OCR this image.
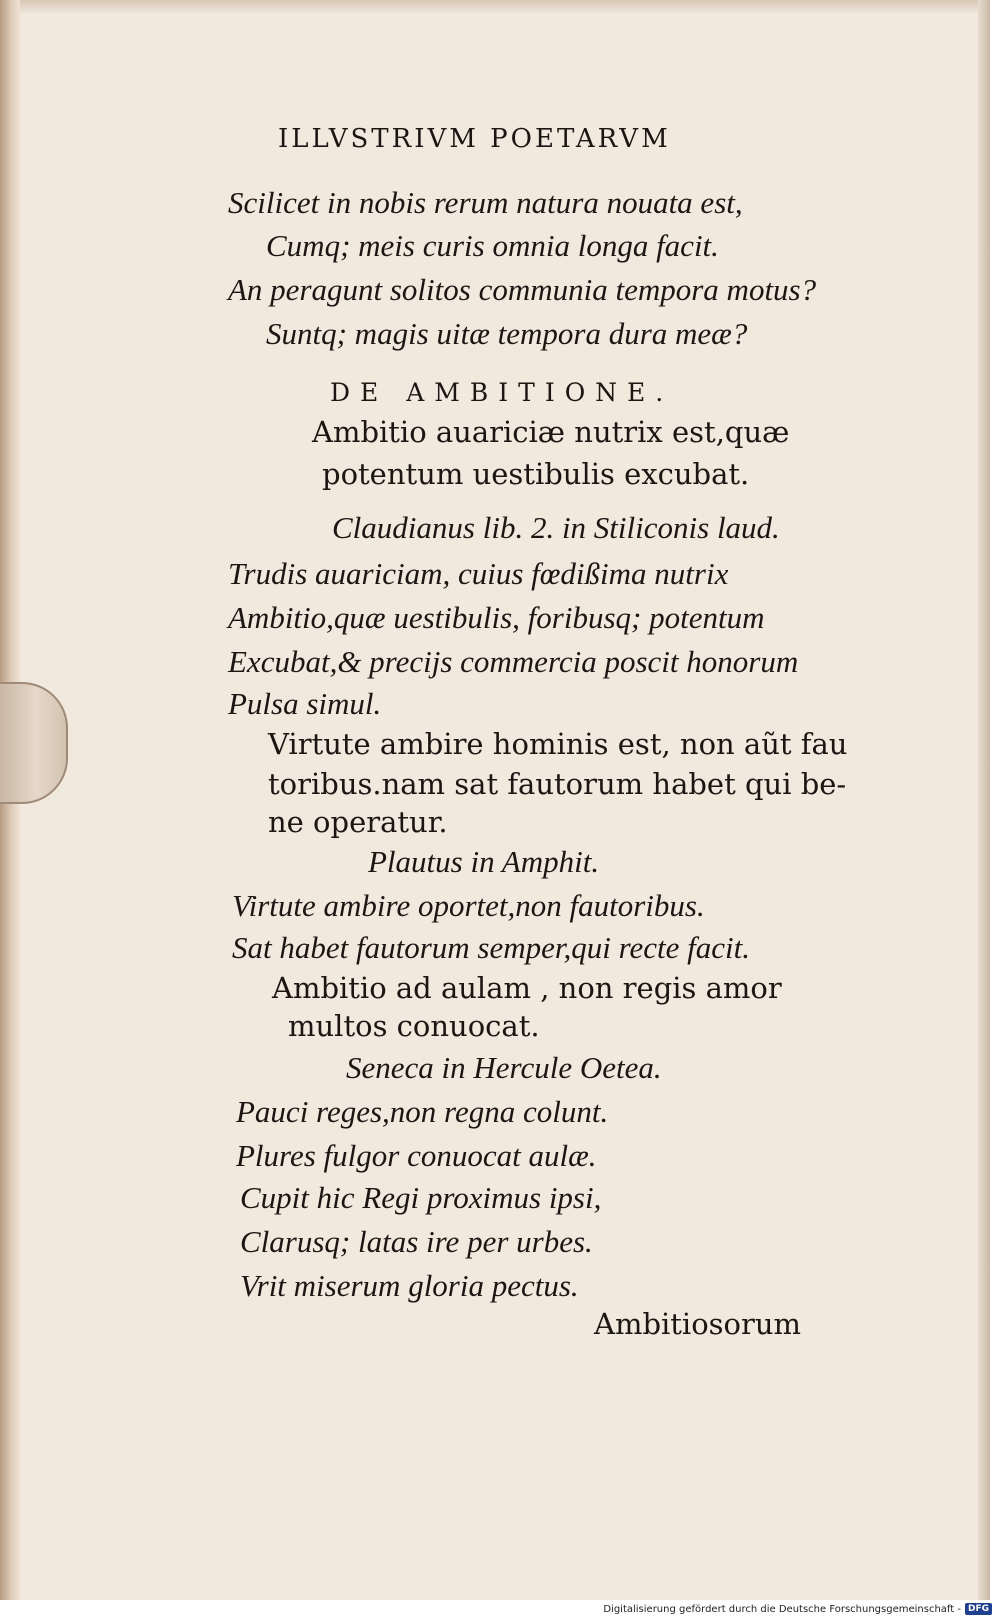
ILLVSTRIVM POETARVM
Scilicet in nobis rerum natura nouata est,
Cumq; meis curis omnia longa facit.
An peragunt solitos communia tempora motus?
Suntq; magis uitæ tempora dura meæ?
DE AMBITIONE.
Ambitio auariciæ nutrix est,quæ
potentum uestibulis excubat.
Claudianus lib. 2. in Stiliconis laud.
Trudis auariciam, cuius fœdißima nutrix
Ambitio,quæ uestibulis, foribusq; potentum
Excubat,& precijs commercia poscit honorum
Pulsa simul.
Virtute ambire hominis est, non aũt fau
toribus.nam sat fautorum habet qui be-
ne operatur.
Plautus in Amphit.
Virtute ambire oportet,non fautoribus.
Sat habet fautorum semper,qui recte facit.
Ambitio ad aulam , non regis amor
multos conuocat.
Seneca in Hercule Oetea.
Pauci reges,non regna colunt.
Plures fulgor conuocat aulæ.
Cupit hic Regi proximus ipsi,
Clarusq; latas ire per urbes.
Vrit miserum gloria pectus.
Ambitiosorum
Digitalisierung gefördert durch die Deutsche Forschungsgemeinschaft - DFG
